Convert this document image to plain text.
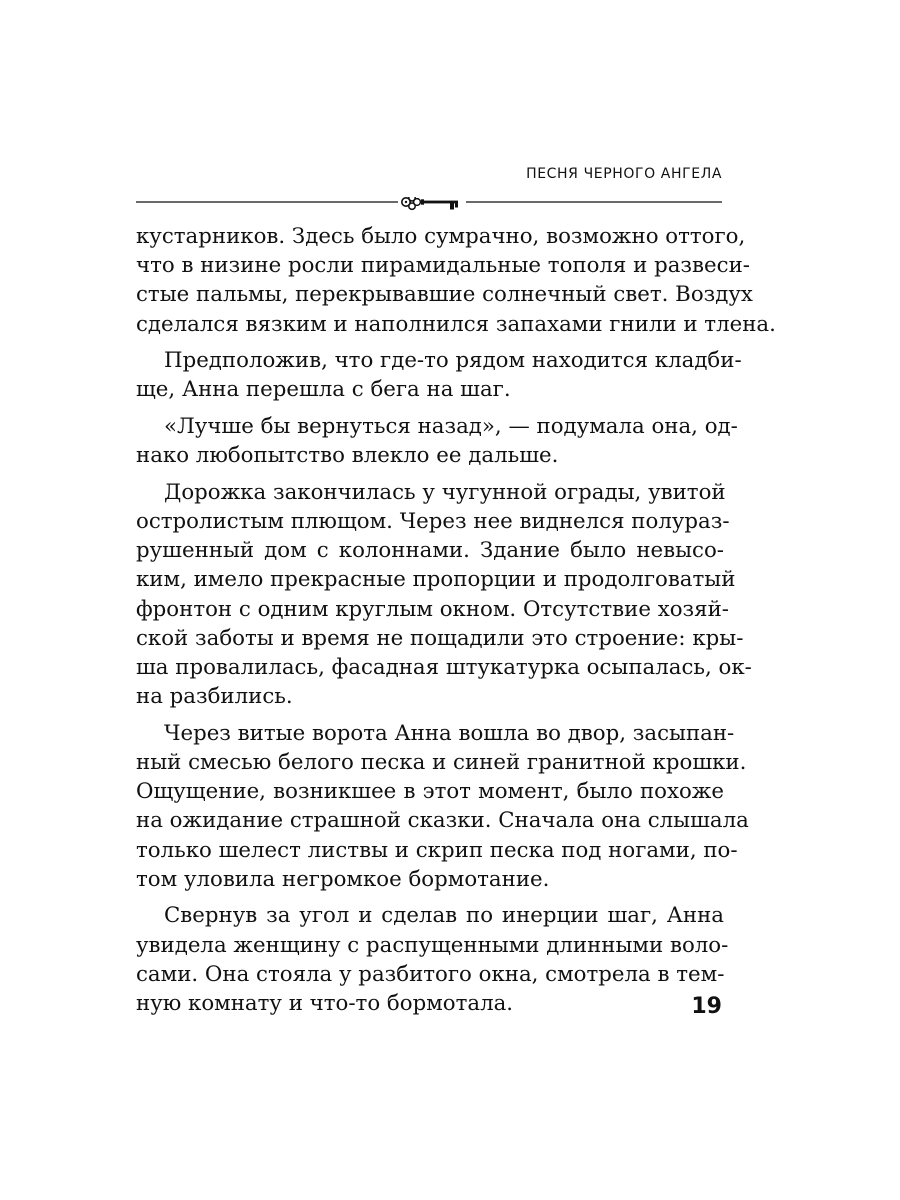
ПЕСНЯ ЧЕРНОГО АНГЕЛА
кустарников. Здесь было сумрачно, возможно оттого,
что в низине росли пирамидальные тополя и развеси-
стые пальмы, перекрывавшие солнечный свет. Воздух
сделался вязким и наполнился запахами гнили и тлена.
Предположив, что где-то рядом находится кладби-
ще, Анна перешла с бега на шаг.
«Лучше бы вернуться назад», — подумала она, од-
нако любопытство влекло ее дальше.
Дорожка закончилась у чугунной ограды, увитой
остролистым плющом. Через нее виднелся полураз-
рушенный дом с колоннами. Здание было невысо-
ким, имело прекрасные пропорции и продолговатый
фронтон с одним круглым окном. Отсутствие хозяй-
ской заботы и время не пощадили это строение: кры-
ша провалилась, фасадная штукатурка осыпалась, ок-
на разбились.
Через витые ворота Анна вошла во двор, засыпан-
ный смесью белого песка и синей гранитной крошки.
Ощущение, возникшее в этот момент, было похоже
на ожидание страшной сказки. Сначала она слышала
только шелест листвы и скрип песка под ногами, по-
том уловила негромкое бормотание.
Свернув за угол и сделав по инерции шаг, Анна
увидела женщину с распущенными длинными воло-
сами. Она стояла у разбитого окна, смотрела в тем-
ную комнату и что-то бормотала.	19
